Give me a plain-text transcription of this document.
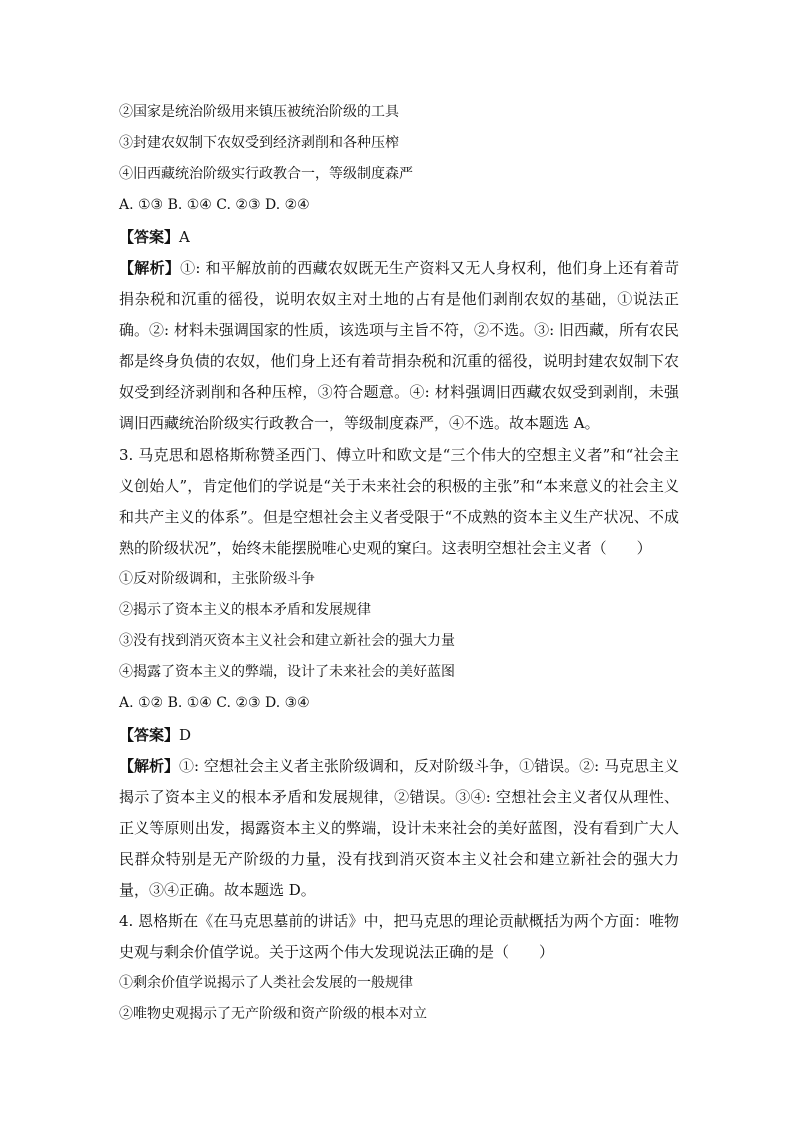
②国家是统治阶级用来镇压被统治阶级的工具
③封建农奴制下农奴受到经济剥削和各种压榨
④旧西藏统治阶级实行政教合一，等级制度森严
A. ①③ B. ①④ C. ②③ D. ②④
【答案】A
【解析】①: 和平解放前的西藏农奴既无生产资料又无人身权利，他们身上还有着苛捐杂税和沉重的徭役，说明农奴主对土地的占有是他们剥削农奴的基础，①说法正确。②: 材料未强调国家的性质，该选项与主旨不符，②不选。③: 旧西藏，所有农民都是终身负债的农奴，他们身上还有着苛捐杂税和沉重的徭役，说明封建农奴制下农奴受到经济剥削和各种压榨，③符合题意。④: 材料强调旧西藏农奴受到剥削，未强调旧西藏统治阶级实行政教合一，等级制度森严，④不选。故本题选 A。
3. 马克思和恩格斯称赞圣西门、傅立叶和欧文是“三个伟大的空想主义者”和“社会主义创始人”，肯定他们的学说是“关于未来社会的积极的主张”和“本来意义的社会主义和共产主义的体系”。但是空想社会主义者受限于“不成熟的资本主义生产状况、不成熟的阶级状况”，始终未能摆脱唯心史观的窠臼。这表明空想社会主义者（　　）
①反对阶级调和，主张阶级斗争
②揭示了资本主义的根本矛盾和发展规律
③没有找到消灭资本主义社会和建立新社会的强大力量
④揭露了资本主义的弊端，设计了未来社会的美好蓝图
A. ①② B. ①④ C. ②③ D. ③④
【答案】D
【解析】①: 空想社会主义者主张阶级调和，反对阶级斗争，①错误。②: 马克思主义揭示了资本主义的根本矛盾和发展规律，②错误。③④: 空想社会主义者仅从理性、正义等原则出发，揭露资本主义的弊端，设计未来社会的美好蓝图，没有看到广大人民群众特别是无产阶级的力量，没有找到消灭资本主义社会和建立新社会的强大力量，③④正确。故本题选 D。
4. 恩格斯在《在马克思墓前的讲话》中，把马克思的理论贡献概括为两个方面：唯物史观与剩余价值学说。关于这两个伟大发现说法正确的是（　　）
①剩余价值学说揭示了人类社会发展的一般规律
②唯物史观揭示了无产阶级和资产阶级的根本对立
